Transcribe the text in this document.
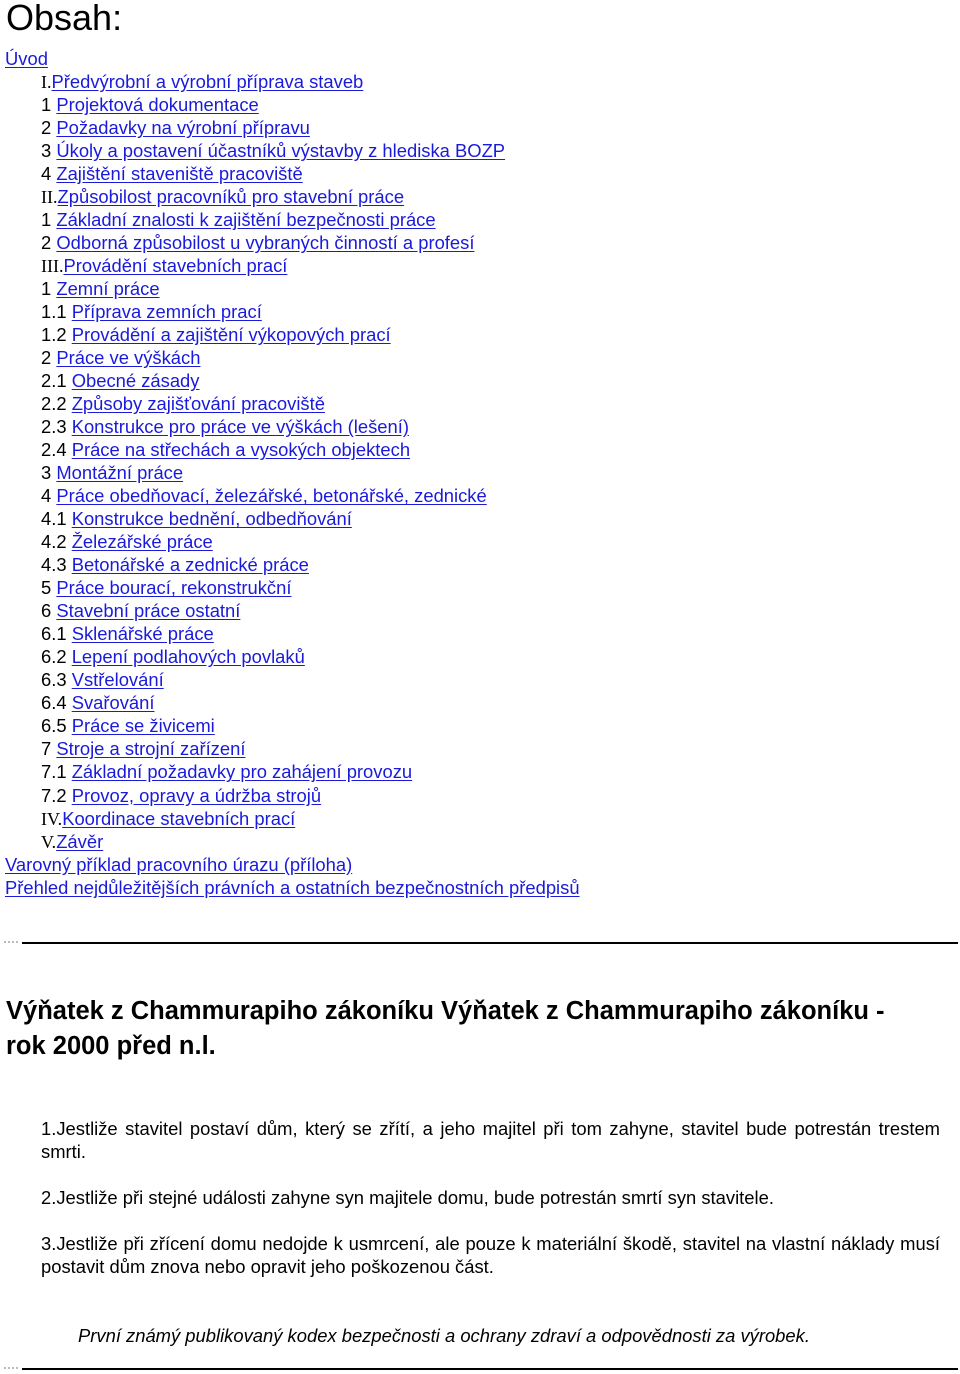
Obsah:
Úvod
I.Předvýrobní a výrobní příprava staveb
1 Projektová dokumentace
2 Požadavky na výrobní přípravu
3 Úkoly a postavení účastníků výstavby z hlediska BOZP
4 Zajištění staveniště pracoviště
II.Způsobilost pracovníků pro stavební práce
1 Základní znalosti k zajištění bezpečnosti práce
2 Odborná způsobilost u vybraných činností a profesí
III.Provádění stavebních prací
1 Zemní práce
1.1 Příprava zemních prací
1.2 Provádění a zajištění výkopových prací
2 Práce ve výškách
2.1 Obecné zásady
2.2 Způsoby zajišťování pracoviště
2.3 Konstrukce pro práce ve výškách (lešení)
2.4 Práce na střechách a vysokých objektech
3 Montážní práce
4 Práce obedňovací, železářské, betonářské, zednické
4.1 Konstrukce bednění, odbedňování
4.2 Železářské práce
4.3 Betonářské a zednické práce
5 Práce bourací, rekonstrukční
6 Stavební práce ostatní
6.1 Sklenářské práce
6.2 Lepení podlahových povlaků
6.3 Vstřelování
6.4 Svařování
6.5 Práce se živicemi
7 Stroje a strojní zařízení
7.1 Základní požadavky pro zahájení provozu
7.2 Provoz, opravy a údržba strojů
IV.Koordinace stavebních prací
V.Závěr
Varovný příklad pracovního úrazu (příloha)
Přehled nejdůležitějších právních a ostatních bezpečnostních předpisů
Výňatek z Chammurapiho zákoníku Výňatek z Chammurapiho zákoníku -rok 2000 před n.l.

1.Jestliže stavitel postaví dům, který se zřítí, a jeho majitel při tom zahyne, stavitel bude potrestán trestem smrti.

2.Jestliže při stejné události zahyne syn majitele domu, bude potrestán smrtí syn stavitele.

3.Jestliže při zřícení domu nedojde k usmrcení, ale pouze k materiální škodě, stavitel na vlastní náklady musí postavit dům znova nebo opravit jeho poškozenou část.

První známý publikovaný kodex bezpečnosti a ochrany zdraví a odpovědnosti za výrobek.
